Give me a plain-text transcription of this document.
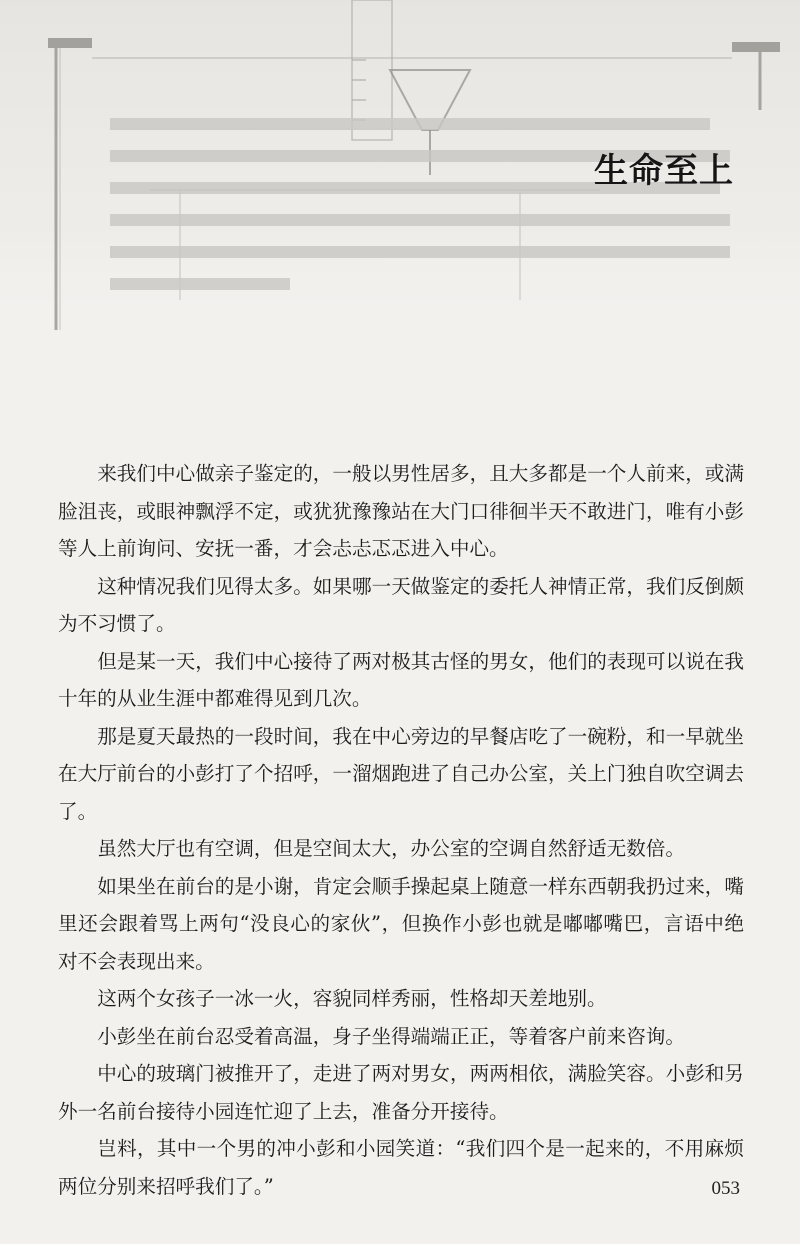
生命至上

来我们中心做亲子鉴定的，一般以男性居多，且大多都是一个人前来，或满脸沮丧，或眼神飘浮不定，或犹犹豫豫站在大门口徘徊半天不敢进门，唯有小彭等人上前询问、安抚一番，才会忐忐忑忑进入中心。

这种情况我们见得太多。如果哪一天做鉴定的委托人神情正常，我们反倒颇为不习惯了。

但是某一天，我们中心接待了两对极其古怪的男女，他们的表现可以说在我十年的从业生涯中都难得见到几次。

那是夏天最热的一段时间，我在中心旁边的早餐店吃了一碗粉，和一早就坐在大厅前台的小彭打了个招呼，一溜烟跑进了自己办公室，关上门独自吹空调去了。

虽然大厅也有空调，但是空间太大，办公室的空调自然舒适无数倍。

如果坐在前台的是小谢，肯定会顺手操起桌上随意一样东西朝我扔过来，嘴里还会跟着骂上两句“没良心的家伙”，但换作小彭也就是嘟嘟嘴巴，言语中绝对不会表现出来。

这两个女孩子一冰一火，容貌同样秀丽，性格却天差地别。

小彭坐在前台忍受着高温，身子坐得端端正正，等着客户前来咨询。

中心的玻璃门被推开了，走进了两对男女，两两相依，满脸笑容。小彭和另外一名前台接待小园连忙迎了上去，准备分开接待。

岂料，其中一个男的冲小彭和小园笑道：“我们四个是一起来的，不用麻烦两位分别来招呼我们了。”	053
